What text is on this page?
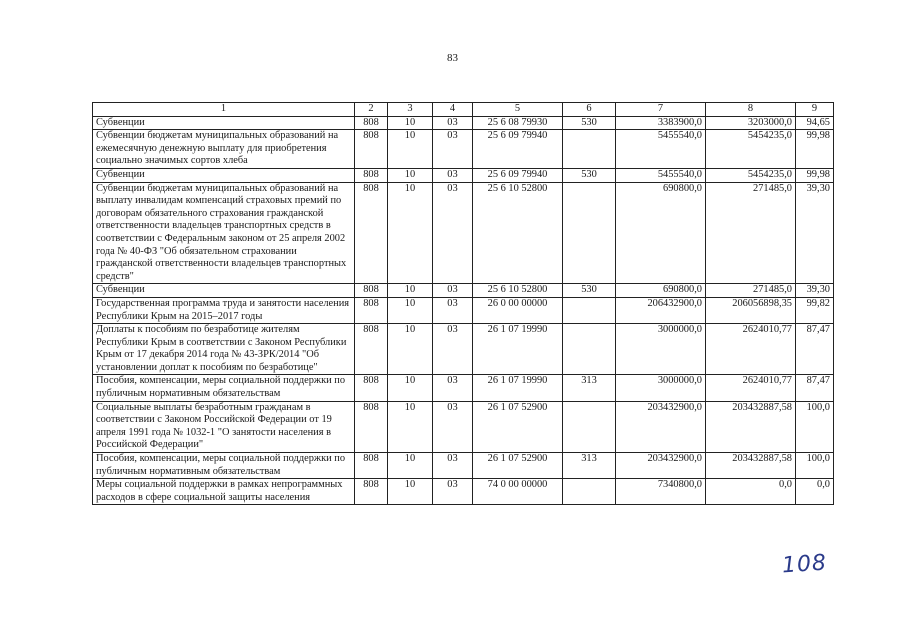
83
1	2	3	4	5	6	7	8	9
Субвенции	808	10	03	25 6 08 79930	530	3383900,0	3203000,0	94,65
Субвенции бюджетам муниципальных образований на ежемесячную денежную выплату для приобретения социально значимых сортов хлеба	808	10	03	25 6 09 79940		5455540,0	5454235,0	99,98
Субвенции	808	10	03	25 6 09 79940	530	5455540,0	5454235,0	99,98
Субвенции бюджетам муниципальных образований на выплату инвалидам компенсаций страховых премий по договорам обязательного страхования гражданской ответственности владельцев транспортных средств в соответствии с Федеральным законом от 25 апреля 2002 года № 40-ФЗ "Об обязательном страховании гражданской ответственности владельцев транспортных средств"	808	10	03	25 6 10 52800		690800,0	271485,0	39,30
Субвенции	808	10	03	25 6 10 52800	530	690800,0	271485,0	39,30
Государственная программа труда и занятости населения Республики Крым на 2015–2017 годы	808	10	03	26 0 00 00000		206432900,0	206056898,35	99,82
Доплаты к пособиям по безработице жителям Республики Крым в соответствии с Законом Республики Крым от 17 декабря 2014 года № 43-ЗРК/2014 "Об установлении доплат к пособиям по безработице"	808	10	03	26 1 07 19990		3000000,0	2624010,77	87,47
Пособия, компенсации, меры социальной поддержки по публичным нормативным обязательствам	808	10	03	26 1 07 19990	313	3000000,0	2624010,77	87,47
Социальные выплаты безработным гражданам в соответствии с Законом Российской Федерации от 19 апреля 1991 года № 1032-1 "О занятости населения в Российской Федерации"	808	10	03	26 1 07 52900		203432900,0	203432887,58	100,0
Пособия, компенсации, меры социальной поддержки по публичным нормативным обязательствам	808	10	03	26 1 07 52900	313	203432900,0	203432887,58	100,0
Меры социальной поддержки в рамках непрограммных расходов в сфере социальной защиты населения	808	10	03	74 0 00 00000		7340800,0	0,0	0,0
108
